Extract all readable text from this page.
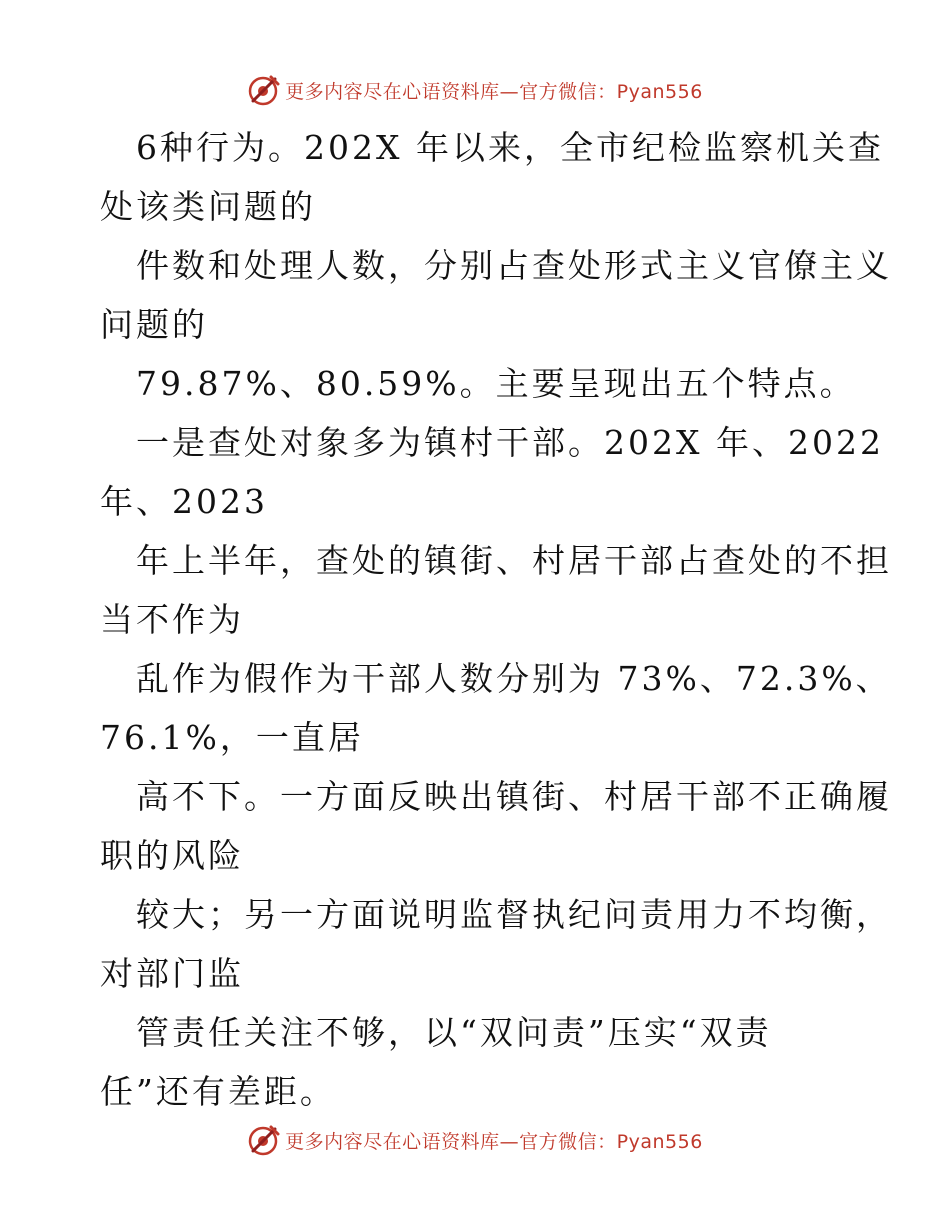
更多内容尽在心语资料库—官方微信：Pyan556
6种行为。202X 年以来，全市纪检监察机关查
处该类问题的
件数和处理人数，分别占查处形式主义官僚主义
问题的
79.87%、80.59%。主要呈现出五个特点。
一是查处对象多为镇村干部。202X 年、2022
年、2023
年上半年，查处的镇街、村居干部占查处的不担
当不作为
乱作为假作为干部人数分别为 73%、72.3%、
76.1%，一直居
高不下。一方面反映出镇街、村居干部不正确履
职的风险
较大；另一方面说明监督执纪问责用力不均衡，
对部门监
管责任关注不够，以“双问责”压实“双责
任”还有差距。
更多内容尽在心语资料库—官方微信：Pyan556
